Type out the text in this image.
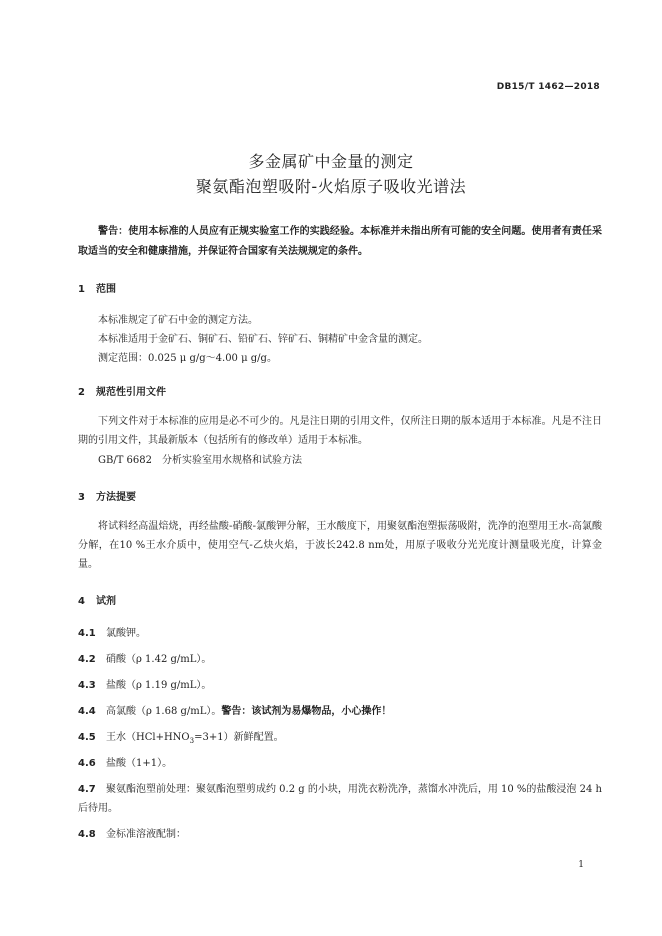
DB15/T 1462—2018
多金属矿中金量的测定
聚氨酯泡塑吸附-火焰原子吸收光谱法
警告：使用本标准的人员应有正规实验室工作的实践经验。本标准并未指出所有可能的安全问题。使用者有责任采取适当的安全和健康措施，并保证符合国家有关法规规定的条件。
1 范围
本标准规定了矿石中金的测定方法。
本标准适用于金矿石、铜矿石、铅矿石、锌矿石、铜精矿中金含量的测定。
测定范围：0.025 μ g/g～4.00 μ g/g。
2 规范性引用文件
下列文件对于本标准的应用是必不可少的。凡是注日期的引用文件，仅所注日期的版本适用于本标准。凡是不注日期的引用文件，其最新版本（包括所有的修改单）适用于本标准。
GB/T 6682　分析实验室用水规格和试验方法
3 方法提要
将试料经高温焙烧，再经盐酸-硝酸-氯酸钾分解，王水酸度下，用聚氨酯泡塑振荡吸附，洗净的泡塑用王水-高氯酸分解，在10 %王水介质中，使用空气-乙炔火焰，于波长242.8 nm处，用原子吸收分光光度计测量吸光度，计算金量。
4 试剂
4.1 氯酸钾。
4.2 硝酸（ρ 1.42 g/mL）。
4.3 盐酸（ρ 1.19 g/mL）。
4.4 高氯酸（ρ 1.68 g/mL）。警告：该试剂为易爆物品，小心操作！
4.5 王水$(HCl+HNO_3=3+1)$新鲜配置。
4.6 盐酸（1+1）。
4.7 聚氨酯泡塑前处理：聚氨酯泡塑剪成约 0.2 g 的小块，用洗衣粉洗净，蒸馏水冲洗后，用 10 %的盐酸浸泡 24 h 后待用。
4.8 金标准溶液配制：
1
